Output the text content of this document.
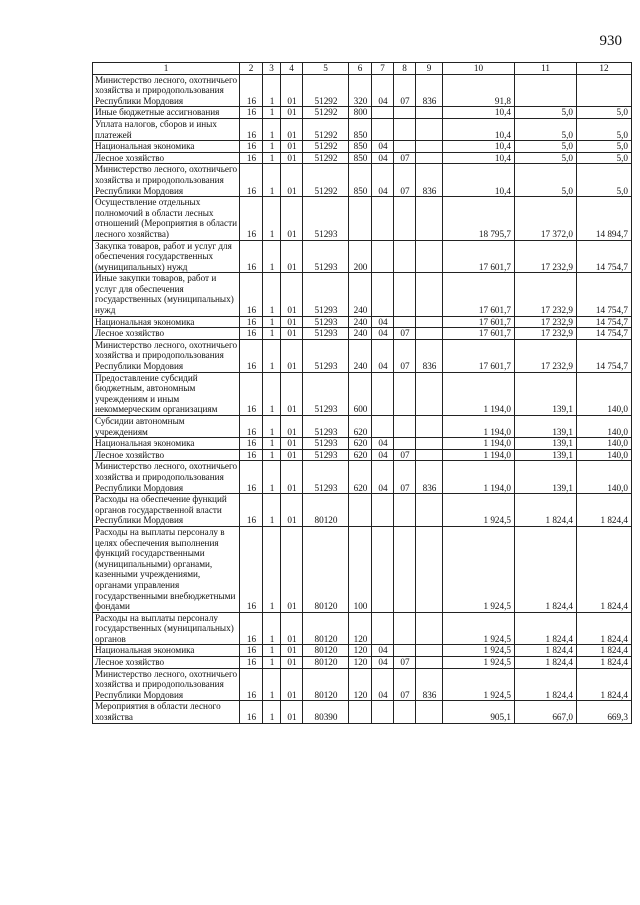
930
1	2	3	4	5	6	7	8	9	10	11	12
Министерство лесного, охотничьего хозяйства и природопользования Республики Мордовия	16	1	01	51292	320	04	07	836	91,8		
Иные бюджетные ассигнования	16	1	01	51292	800				10,4	5,0	5,0
Уплата налогов, сборов и иных платежей	16	1	01	51292	850				10,4	5,0	5,0
Национальная экономика	16	1	01	51292	850	04			10,4	5,0	5,0
Лесное хозяйство	16	1	01	51292	850	04	07		10,4	5,0	5,0
Министерство лесного, охотничьего хозяйства и природопользования Республики Мордовия	16	1	01	51292	850	04	07	836	10,4	5,0	5,0
Осуществление отдельных полномочий в области лесных отношений (Мероприятия в области лесного хозяйства)	16	1	01	51293					18 795,7	17 372,0	14 894,7
Закупка товаров, работ и услуг для обеспечения государственных (муниципальных) нужд	16	1	01	51293	200				17 601,7	17 232,9	14 754,7
Иные закупки товаров, работ и услуг для обеспечения государственных (муниципальных) нужд	16	1	01	51293	240				17 601,7	17 232,9	14 754,7
Национальная экономика	16	1	01	51293	240	04			17 601,7	17 232,9	14 754,7
Лесное хозяйство	16	1	01	51293	240	04	07		17 601,7	17 232,9	14 754,7
Министерство лесного, охотничьего хозяйства и природопользования Республики Мордовия	16	1	01	51293	240	04	07	836	17 601,7	17 232,9	14 754,7
Предоставление субсидий бюджетным, автономным учреждениям и иным некоммерческим организациям	16	1	01	51293	600				1 194,0	139,1	140,0
Субсидии автономным учреждениям	16	1	01	51293	620				1 194,0	139,1	140,0
Национальная экономика	16	1	01	51293	620	04			1 194,0	139,1	140,0
Лесное хозяйство	16	1	01	51293	620	04	07		1 194,0	139,1	140,0
Министерство лесного, охотничьего хозяйства и природопользования Республики Мордовия	16	1	01	51293	620	04	07	836	1 194,0	139,1	140,0
Расходы на обеспечение функций органов государственной власти Республики Мордовия	16	1	01	80120					1 924,5	1 824,4	1 824,4
Расходы на выплаты персоналу в целях обеспечения выполнения функций государственными (муниципальными) органами, казенными учреждениями, органами управления государственными внебюджетными фондами	16	1	01	80120	100				1 924,5	1 824,4	1 824,4
Расходы на выплаты персоналу государственных (муниципальных) органов	16	1	01	80120	120				1 924,5	1 824,4	1 824,4
Национальная экономика	16	1	01	80120	120	04			1 924,5	1 824,4	1 824,4
Лесное хозяйство	16	1	01	80120	120	04	07		1 924,5	1 824,4	1 824,4
Министерство лесного, охотничьего хозяйства и природопользования Республики Мордовия	16	1	01	80120	120	04	07	836	1 924,5	1 824,4	1 824,4
Мероприятия в области лесного хозяйства	16	1	01	80390					905,1	667,0	669,3
